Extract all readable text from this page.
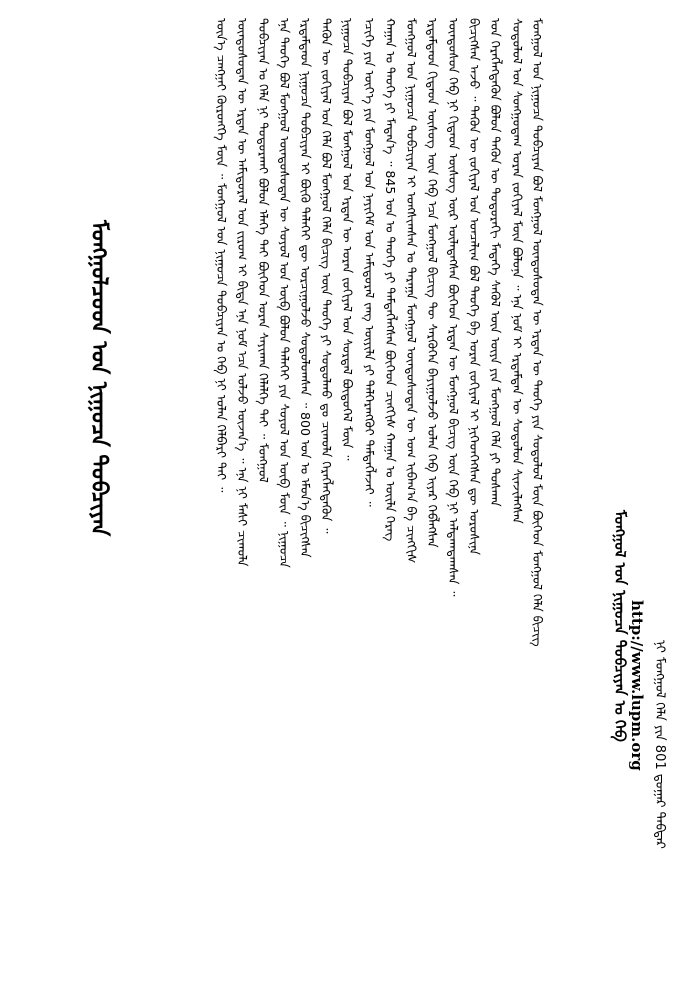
ᠨᠢ ᠮᠣᠩᠭᠣᠯ ᠬᠡᠯᠡ ᠶᠢᠨ 801 ᠳ᠋ᠤᠭᠠᠷ ᠳᠡᠪᠲᠡᠷ
http://www.lupm.org
ᠮᠣᠩᠭᠣᠯ ᠤᠨ ᠨᠢᠭᠤᠴᠠ ᠲᠣᠪᠴᠢᠶᠠᠨ ᠤ ᠬᠡᠪ
ᠮᠣᠩᠭᠣᠯ ᠤᠨ ᠨᠢᠭᠤᠴᠠ ᠲᠣᠪᠴᠢᠶᠠᠨ ᠪᠣᠯ ᠮᠣᠩᠭᠣᠯ ᠦᠨᠳᠦᠰᠦᠲᠡᠨ ᠦ ᠡᠷᠲᠡᠨ ᠦ ᠲᠡᠦᠬᠡ ᠶᠢᠨ ᠰᠤᠳᠤᠯᠤᠯ ᠮᠥᠨ ᠪᠥᠭᠡᠳ ᠮᠣᠩᠭᠣᠯ ᠬᠡᠯᠡ ᠪᠢᠴᠢᠭ
ᠰᠤᠳᠤᠯᠤᠯ ᠤᠨ ᠰᠣᠩᠭᠣᠳᠠᠭ ᠤᠷᠠᠨ ᠵᠣᠬᠢᠶᠠᠯ ᠮᠥᠨ ᠪᠣᠯᠤᠨᠠ ᠃ ᠡᠨᠡ ᠨᠣᠮ ᠢ ᠡᠷᠳᠡᠮᠲᠡᠨ ᠦ ᠰᠤᠳᠤᠯᠤᠨ ᠰᠢᠨᠵᠢᠯᠡᠭᠰᠡᠨ
ᠤᠨ ᠬᠡᠷᠡᠭᠯᠡᠭᠳᠡᠬᠦᠨ ᠪᠣᠯᠤᠨ ᠲᠡᠭᠦᠨ ᠦ ᠳᠣᠲᠣᠷᠠᠬᠢ ᠮᠡᠳᠡᠭᠡ ᠰᠡᠭᠦᠯ ᠦᠨ ᠦᠶᠡ ᠶᠢᠨ ᠮᠣᠩᠭᠣᠯ ᠬᠡᠯᠡ ᠶᠢ ᠲᠤᠰᠬᠠᠨ
ᠪᠢᠴᠢᠭᠰᠡᠨ ᠠᠵᠤ ᠃ ᠲᠡᠭᠦᠨ ᠦ ᠵᠣᠬᠢᠶᠠᠯ ᠤᠨ ᠣᠨᠴᠠᠯᠢᠭ ᠪᠣᠯ ᠲᠡᠦᠬᠡ ᠪᠠ ᠤᠷᠠᠨ ᠵᠣᠬᠢᠶᠠᠯ ᠢ ᠨᠢᠭᠡᠳᠭᠡᠭᠰᠡᠨ ᠳᠦ ᠣᠷᠣᠰᠢᠨᠠ
ᠦᠨᠳᠦᠰᠦᠨ ᠬᠡᠪ ᠨᠢ ᠬᠢᠲᠠᠳ ᠦᠰᠦᠭ ᠦᠷ ᠦᠯᠡᠳᠡᠭᠰᠡᠨ ᠪᠥᠭᠡᠳ ᠡᠷᠲᠡᠨ ᠦ ᠮᠣᠩᠭᠣᠯ ᠪᠢᠴᠢᠭ ᠦᠨ ᠬᠡᠪ ᠨᠢ ᠠᠯᠳᠠᠭᠳᠠᠭᠰᠠᠨ ᠃
ᠡᠷᠳᠡᠮᠲᠡᠳ ᠬᠢᠲᠠᠳ ᠦᠰᠦᠭ ᠦᠨ ᠬᠡᠪ ᠡᠴᠡ ᠮᠣᠩᠭᠣᠯ ᠪᠢᠴᠢᠭ ᠲᠦ ᠰᠡᠷᠭᠦᠭᠡᠨ ᠪᠠᠶᠢᠭᠤᠯᠵᠤ ᠣᠯᠠᠨ ᠬᠡᠪ ᠢᠶᠡᠷ ᠬᠡᠪᠯᠡᠭᠰᠡᠨ
ᠮᠣᠩᠭᠣᠯ ᠤᠨ ᠨᠢᠭᠤᠴᠠ ᠲᠣᠪᠴᠢᠶᠠᠨ ᠢ ᠤᠩᠰᠢᠭᠰᠠᠨ ᠤ ᠳᠠᠷᠠᠭᠠ ᠮᠣᠩᠭᠣᠯ ᠦᠨᠳᠦᠰᠦᠲᠡᠨ ᠦ ᠤᠭ ᠢᠪᠠᠭ᠎ᠠ ᠪᠠ ᠴᠢᠩᠭᠢᠰ
ᠬᠠᠭᠠᠨ ᠤ ᠲᠡᠦᠬᠡ ᠶᠢ ᠮᠡᠳᠡᠨ᠎ᠡ ᠃ 845 ᠣᠨ ᠤ ᠲᠡᠦᠬᠡ ᠶᠢ ᠲᠡᠮᠳᠡᠭᠯᠡᠭᠰᠡᠨ ᠪᠥᠭᠡᠳ ᠴᠢᠩᠭᠢᠰ ᠬᠠᠭᠠᠨ ᠤ ᠦᠢᠯᠡ ᠬᠡᠷᠡᠭ
ᠡᠴᠢᠭᠡ ᠶᠢᠨ ᠦᠶ᠎ᠡ ᠶᠢᠨ ᠮᠣᠩᠭᠣᠯ ᠤᠨ ᠨᠡᠶᠢᠭᠡᠮ ᠤᠨ ᠠᠮᠢᠳᠤᠷᠠᠯ ᠵᠠᠩ ᠦᠶᠢᠯᠡ ᠶᠢ ᠳᠡᠯᠭᠡᠷᠡᠩᠭᠦᠢ ᠲᠡᠮᠳᠡᠭᠯᠡᠵᠡᠢ ᠃
ᠨᠢᠭᠤᠴᠠ ᠲᠣᠪᠴᠢᠶᠠᠨ ᠪᠣᠯ ᠮᠣᠩᠭᠣᠯ ᠤᠨ ᠡᠷᠲᠡᠨ ᠦ ᠤᠷᠠᠨ ᠵᠣᠬᠢᠶᠠᠯ ᠤᠨ ᠰᠤᠷᠲᠠᠯ ᠪᠦᠲᠦᠭᠡᠯ ᠮᠥᠨ ᠃
ᠲᠡᠭᠦᠨ ᠦ ᠵᠣᠬᠢᠶᠠᠯ ᠤᠨ ᠬᠡᠯᠡ ᠪᠣᠯ ᠮᠣᠩᠭᠣᠯ ᠬᠡᠯᠡ ᠪᠢᠴᠢᠭ ᠦᠨ ᠲᠡᠦᠬᠡ ᠶᠢ ᠰᠤᠳᠤᠯᠬᠤ ᠳᠤ ᠴᠢᠬᠤᠯᠠ ᠬᠡᠷᠡᠭᠯᠡᠭᠳᠡᠬᠦᠨ ᠃
ᠡᠷᠳᠡᠮᠲᠡᠳ ᠨᠢᠭᠤᠴᠠ ᠲᠣᠪᠴᠢᠶᠠᠨ ᠢ ᠪᠦᠬᠦ ᠳᠡᠯᠡᠬᠡᠢ ᠳᠦ ᠣᠷᠴᠢᠭᠤᠯᠵᠤ ᠰᠤᠳᠤᠯᠤᠭᠰᠠᠨ ᠃ 800 ᠣᠨ ᠤ ᠡᠮᠦᠨ᠎ᠡ ᠪᠢᠴᠢᠭᠰᠡᠨ
ᠡᠨᠡ ᠲᠡᠦᠬᠡ ᠪᠣᠯ ᠮᠣᠩᠭᠣᠯ ᠦᠨᠳᠦᠰᠦᠲᠡᠨ ᠦ ᠰᠣᠶᠣᠯ ᠤᠨ ᠥᠪ ᠪᠣᠯᠤᠨ ᠳᠡᠯᠡᠬᠡᠢ ᠶᠢᠨ ᠰᠣᠶᠣᠯ ᠤᠨ ᠥᠪ ᠮᠥᠨ ᠃ ᠨᠢᠭᠤᠴᠠ
ᠲᠣᠪᠴᠢᠶᠠᠨ ᠤ ᠬᠡᠯᠡ ᠨᠢ ᠲᠣᠳᠤᠷᠬᠠᠶ ᠪᠣᠯᠤᠨ ᠡᠯᠡᠭᠡ ᠲᠡᠢ ᠪᠥᠭᠡᠳ ᠤᠷᠠᠨ ᠰᠠᠶᠢᠬᠠᠨ ᠬᠡᠯᠡᠯᠭᠡ ᠲᠡᠢ ᠃ ᠮᠣᠩᠭᠣᠯ
ᠦᠨᠳᠦᠰᠦᠲᠡᠨ ᠦ ᠡᠷᠲᠡᠨ ᠦ ᠠᠮᠢᠳᠤᠷᠠᠯ ᠤᠨ ᠵᠢᠷᠤᠭ ᠢ ᠪᠢᠳᠡ ᠡᠨᠡ ᠨᠣᠮ ᠡᠴᠡ ᠣᠯᠵᠤ ᠦᠵᠡᠨ᠎ᠡ ᠃ ᠡᠨᠡ ᠨᠢ ᠮᠠᠰᠢ ᠴᠢᠬᠤᠯᠠ
ᠦᠨ᠎ᠡ ᠴᠠᠩᠭᠠᠢ ᠬᠥᠷᠥᠩᠭᠡ ᠮᠥᠨ ᠃ ᠮᠣᠩᠭᠣᠯ ᠤᠨ ᠨᠢᠭᠤᠴᠠ ᠲᠣᠪᠴᠢᠶᠠᠨ ᠤ ᠬᠡᠪ ᠨᠢ ᠣᠯᠠᠨ ᠬᠡᠯᠪᠡᠷᠢ ᠲᠡᠢ ᠃
ᠮᠣᠩᠭᠣᠯᠴᠤᠳ ᠤᠨ ᠨᠢᠭᠤᠴᠠ ᠲᠣᠪᠴᠢᠶᠠᠨ
